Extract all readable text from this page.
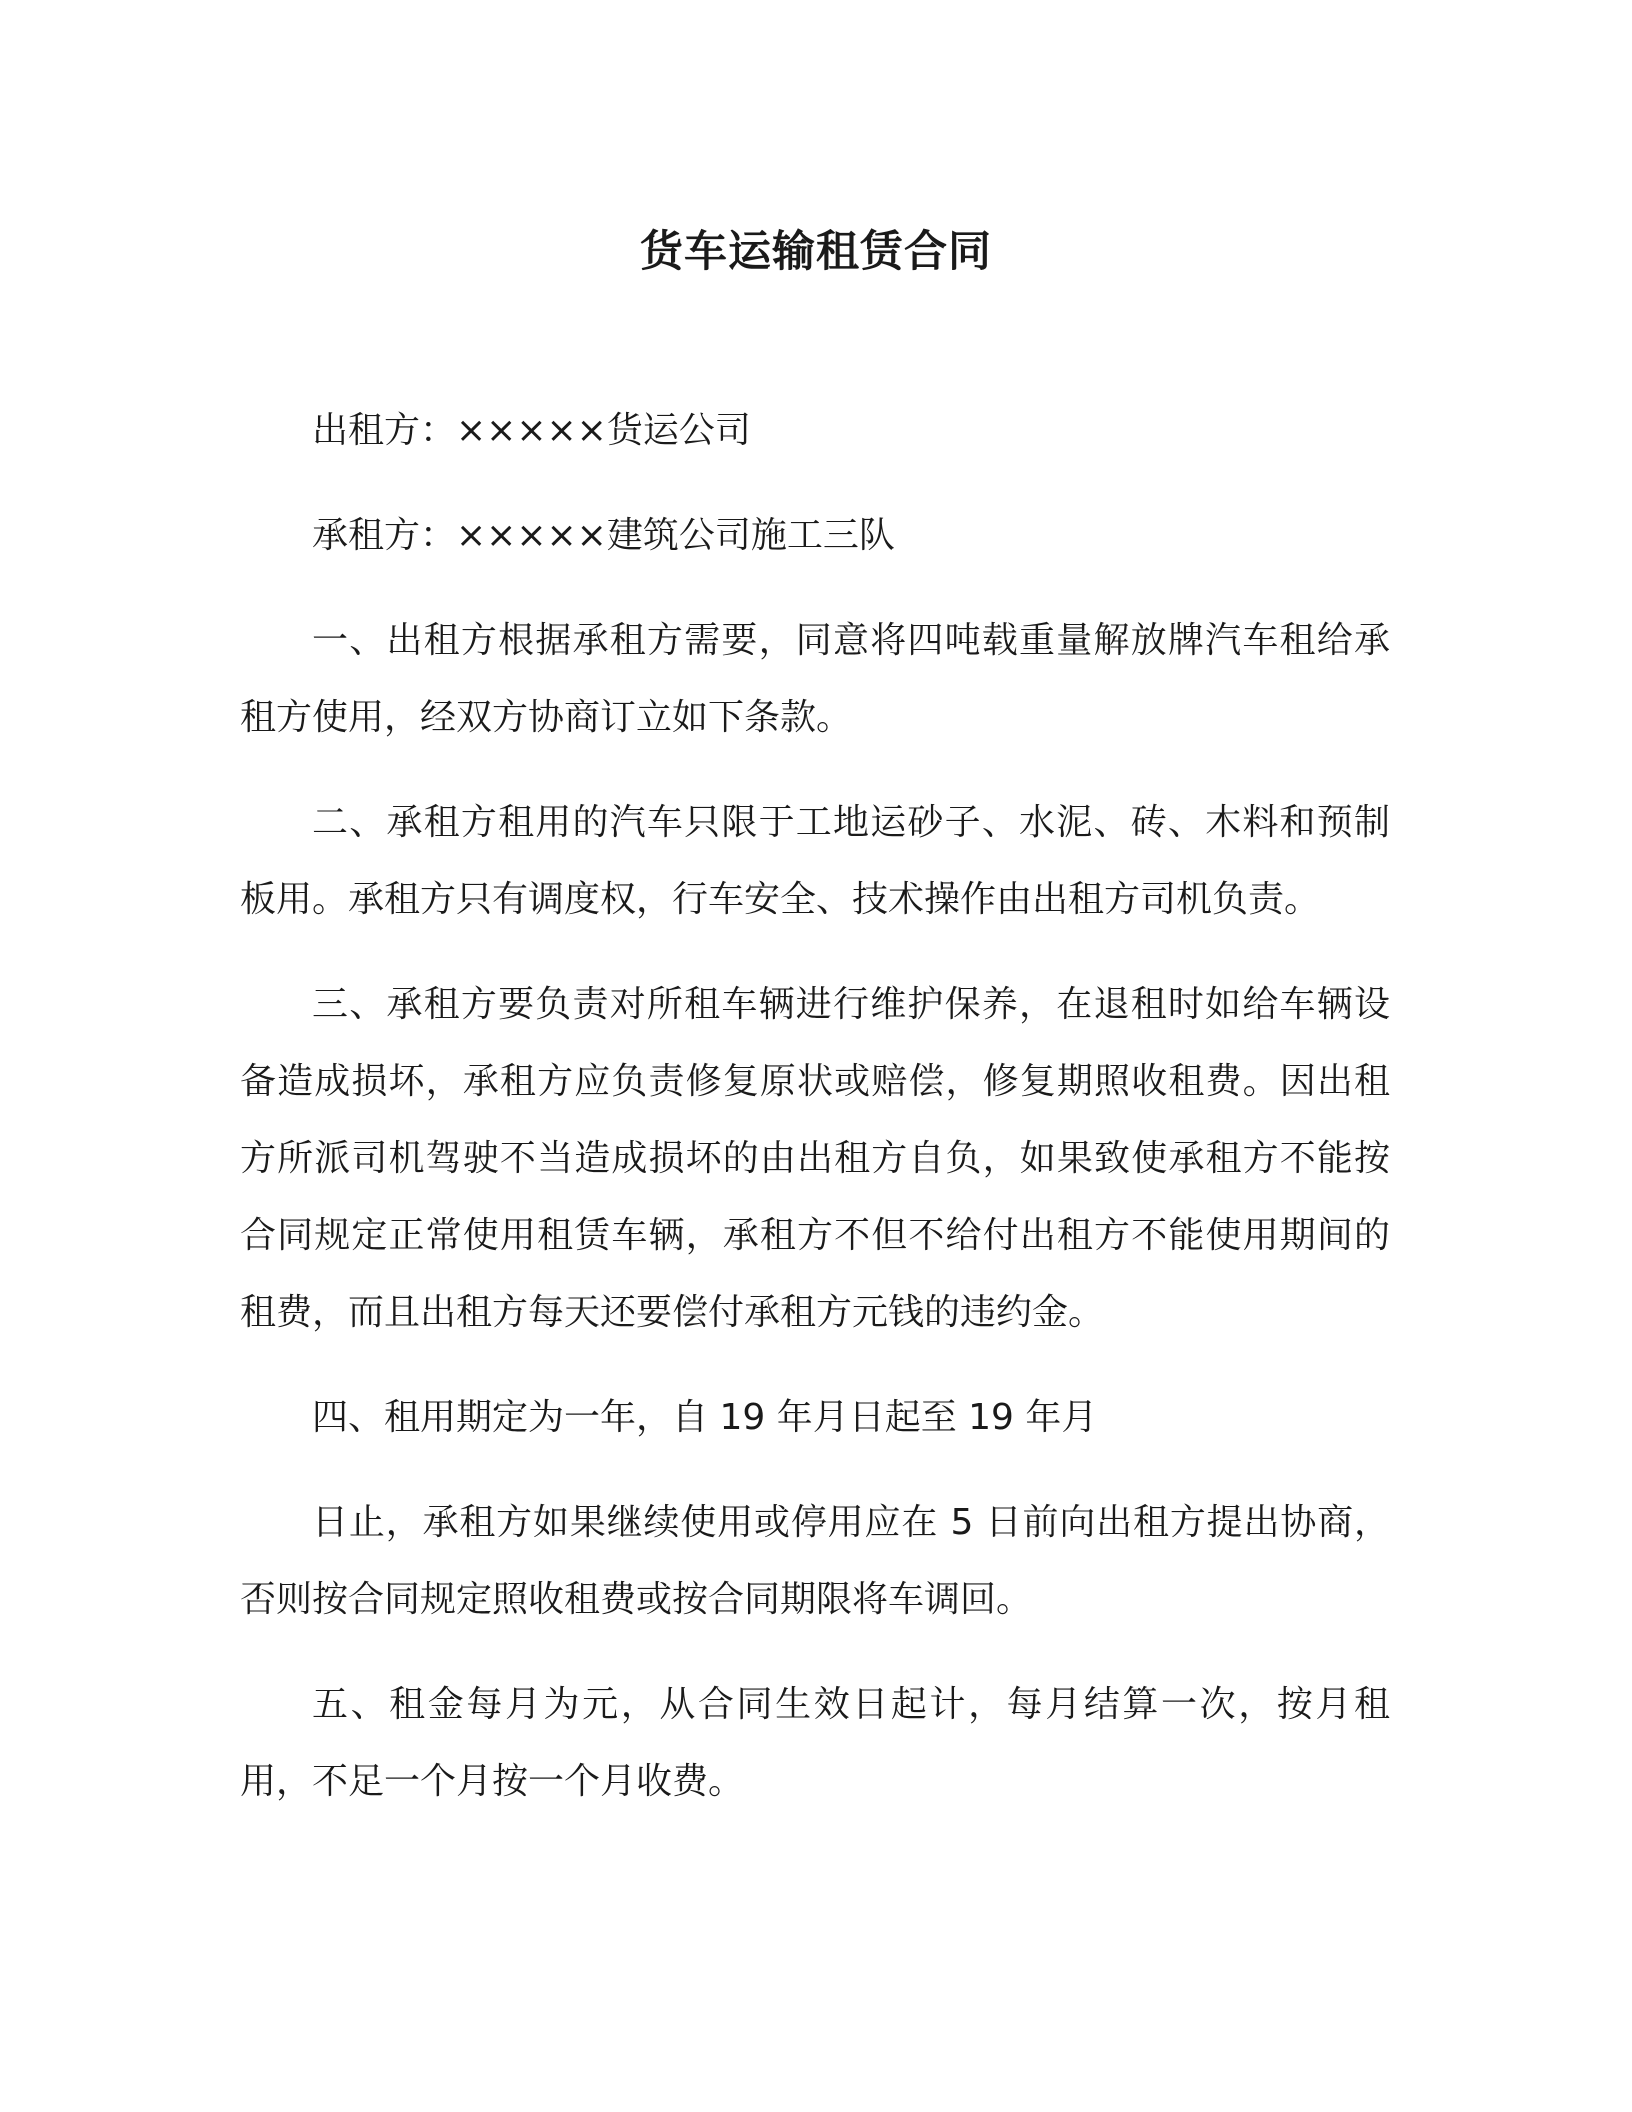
货车运输租赁合同

出租方：×××××货运公司

承租方：×××××建筑公司施工三队

一、出租方根据承租方需要，同意将四吨载重量解放牌汽车租给承租方使用，经双方协商订立如下条款。

二、承租方租用的汽车只限于工地运砂子、水泥、砖、木料和预制板用。承租方只有调度权，行车安全、技术操作由出租方司机负责。

三、承租方要负责对所租车辆进行维护保养，在退租时如给车辆设备造成损坏，承租方应负责修复原状或赔偿，修复期照收租费。因出租方所派司机驾驶不当造成损坏的由出租方自负，如果致使承租方不能按合同规定正常使用租赁车辆，承租方不但不给付出租方不能使用期间的租费，而且出租方每天还要偿付承租方元钱的违约金。

四、租用期定为一年，自 19 年月日起至 19 年月

日止，承租方如果继续使用或停用应在 5 日前向出租方提出协商，否则按合同规定照收租费或按合同期限将车调回。

五、租金每月为元，从合同生效日起计，每月结算一次，按月租用，不足一个月按一个月收费。
